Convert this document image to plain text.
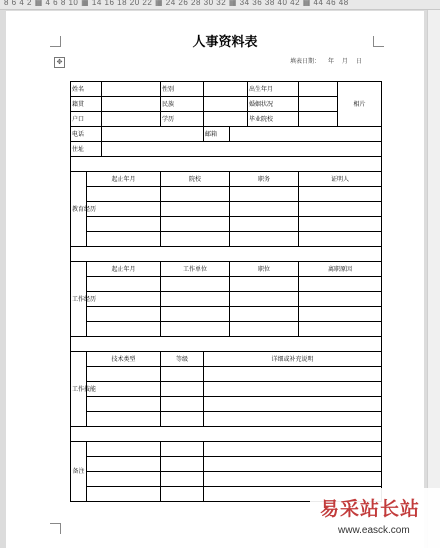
8 6 4 2 ▦ 4 6 8 10 ▦ 14 16 18 20 22 ▦ 24 26 28 30 32 ▦ 34 36 38 40 42 ▦ 44 46 48
✥
人事资料表
填表日期： 年 月 日
姓名			性别			出生年月		相片
籍贯			民族			婚姻状况		
户口			学历			毕业院校		
电话				邮箱				
住址								

教育经历	起止年月		院校		职务		证明人	

工作经历	起止年月		工作单位		职位		离职原因	

工作技能	技术类型		等级	详细或补充说明				

备注								

易采站长站
www.easck.com
